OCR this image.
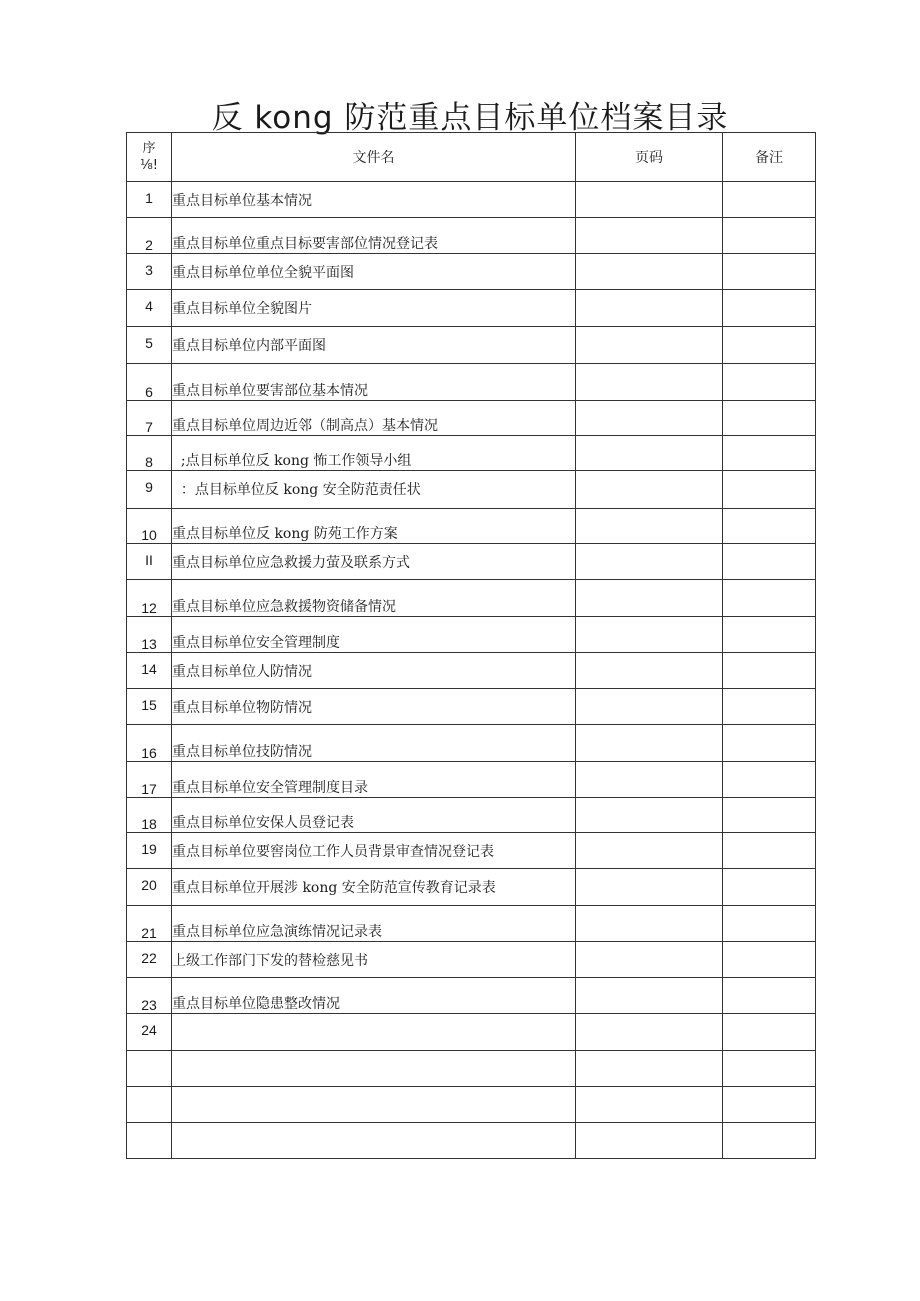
反 kong 防范重点目标单位档案目录
序
⅛!	文件名	页码	备汪
1	重点目标单位基本情况		
2	重点目标单位重点目标要害部位情况登记表		
3	重点目标单位单位全貌平面图		
4	重点目标单位全貌图片		
5	重点目标单位内部平面图		
6	重点目标单位要害部位基本情况		
7	重点目标单位周边近邻（制高点）基本情况		
8	;点目标单位反 kong 怖工作领导小组		
9	：点目标单位反 kong 安全防范责任状		
10	重点目标单位反 kong 防苑工作方案		
II	重点目标单位应急救援力萤及联系方式		
12	重点目标单位应急救援物资储备情况		
13	重点目标单位安全管理制度		
14	重点目标单位人防情况		
15	重点目标单位物防情况		
16	重点目标单位技防情况		
17	重点目标单位安全管理制度目录		
18	重点目标单位安保人员登记表		
19	重点目标单位要窖岗位工作人员背景审查情况登记表		
20	重点目标单位开展涉 kong 安全防范宣传教育记录表		
21	重点目标单位应急演练情况记录表		
22	上级工作部门下发的替检慈见书		
23	重点目标单位隐患整改情况		
24			
